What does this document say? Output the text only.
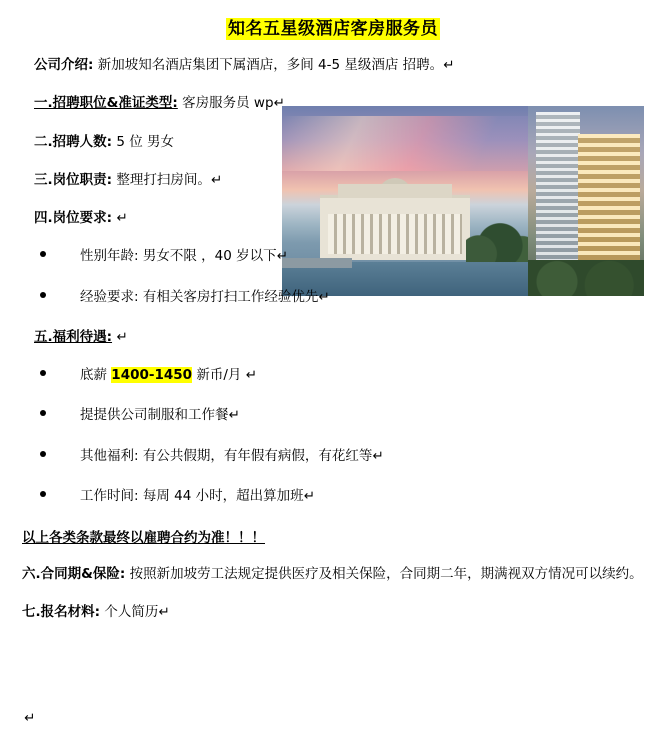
知名五星级酒店客房服务员

公司介绍: 新加坡知名酒店集团下属酒店，多间 4-5 星级酒店 招聘。↵

一.招聘职位&准证类型: 客房服务员 wp↵

二.招聘人数: 5 位 男女

三.岗位职责: 整理打扫房间。↵

四.岗位要求: ↵

性别年龄: 男女不限 ，40 岁以下↵
经验要求: 有相关客房打扫工作经验优先↵

五.福利待遇: ↵

底薪 1400-1450 新币/月 ↵
提提供公司制服和工作餐↵
其他福利: 有公共假期，有年假有病假，有花红等↵
工作时间: 每周 44 小时，超出算加班↵

以上各类条款最终以雇聘合约为准！！！

六.合同期&保险: 按照新加坡劳工法规定提供医疗及相关保险，合同期二年，期满视双方情况可以续约。

七.报名材料: 个人简历↵

↵
